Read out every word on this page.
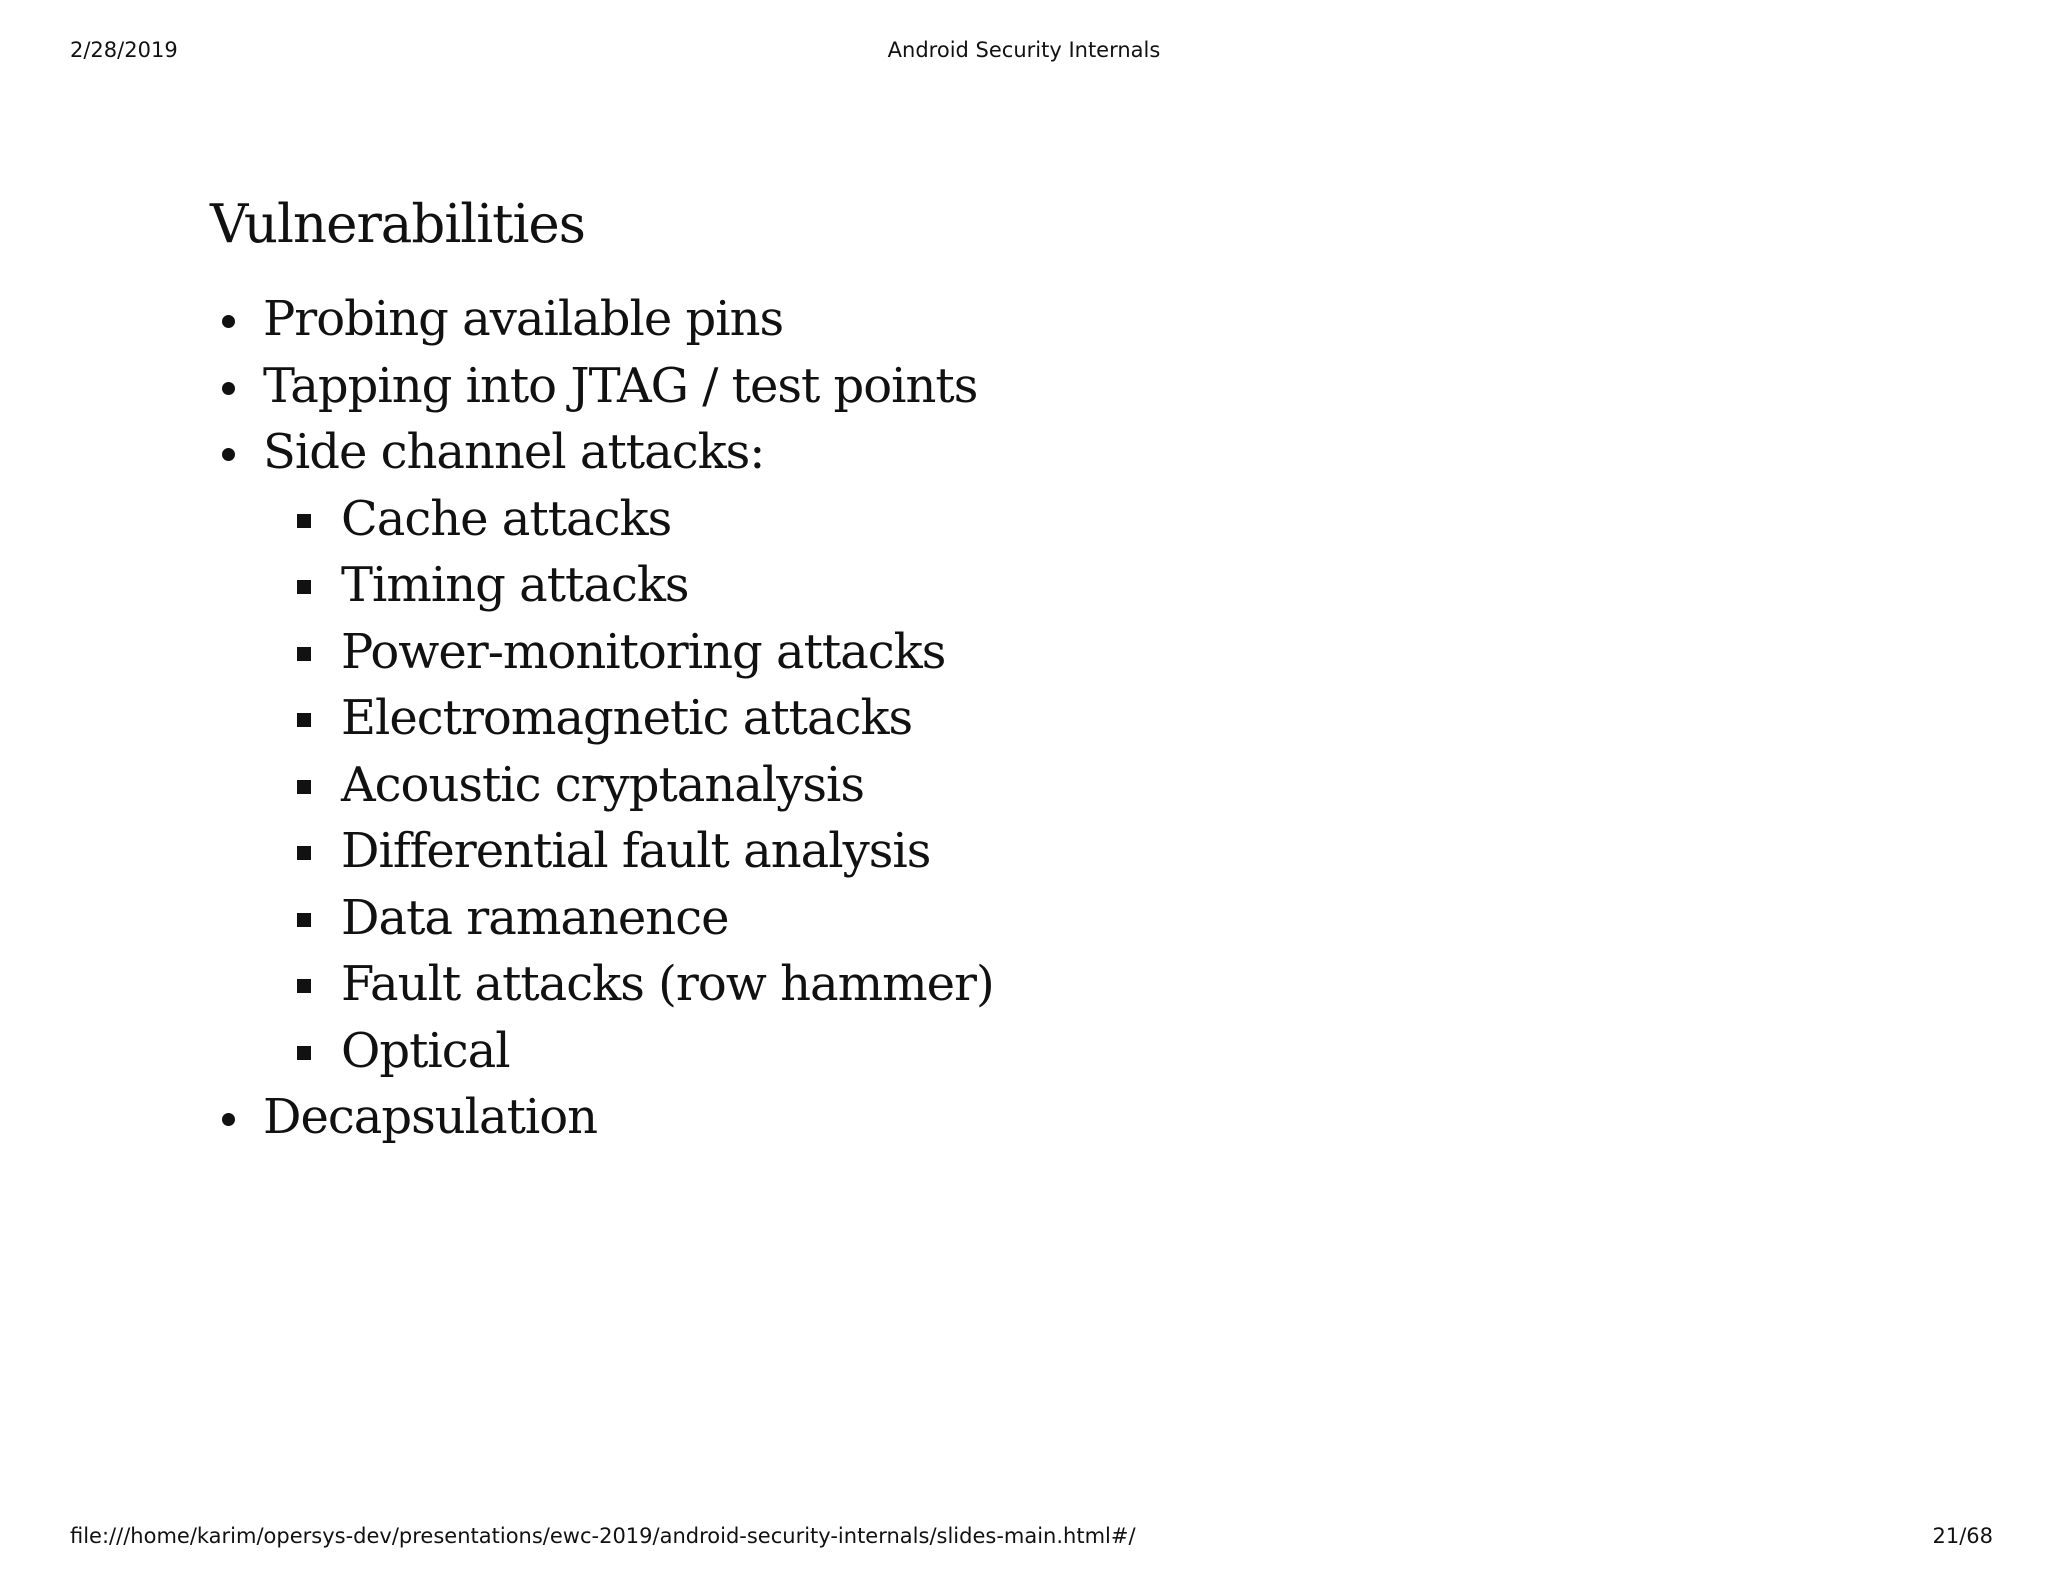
2/28/2019	Android Security Internals
Vulnerabilities
Probing available pins
Tapping into JTAG / test points
Side channel attacks:
Cache attacks
Timing attacks
Power-monitoring attacks
Electromagnetic attacks
Acoustic cryptanalysis
Differential fault analysis
Data ramanence
Fault attacks (row hammer)
Optical
Decapsulation
file:///home/karim/opersys-dev/presentations/ewc-2019/android-security-internals/slides-main.html#/	21/68
